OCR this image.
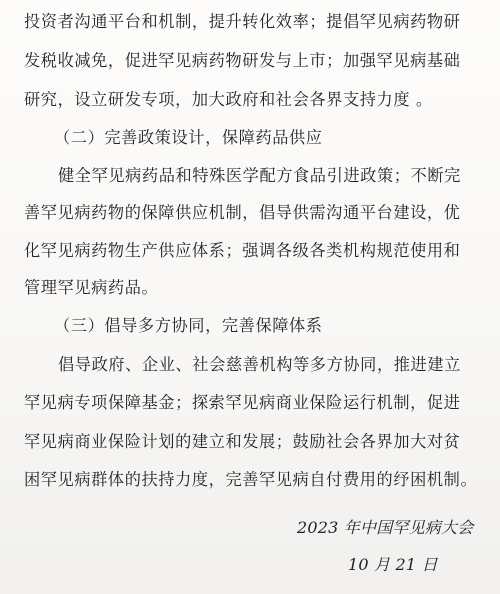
投资者沟通平台和机制，提升转化效率；提倡罕见病药物研
发税收减免，促进罕见病药物研发与上市；加强罕见病基础
研究，设立研发专项，加大政府和社会各界支持力度 。
（二）完善政策设计，保障药品供应
健全罕见病药品和特殊医学配方食品引进政策；不断完
善罕见病药物的保障供应机制，倡导供需沟通平台建设，优
化罕见病药物生产供应体系；强调各级各类机构规范使用和
管理罕见病药品。
（三）倡导多方协同，完善保障体系
倡导政府、企业、社会慈善机构等多方协同，推进建立
罕见病专项保障基金；探索罕见病商业保险运行机制，促进
罕见病商业保险计划的建立和发展；鼓励社会各界加大对贫
困罕见病群体的扶持力度，完善罕见病自付费用的纾困机制。
2023 年中国罕见病大会
10 月 21 日
